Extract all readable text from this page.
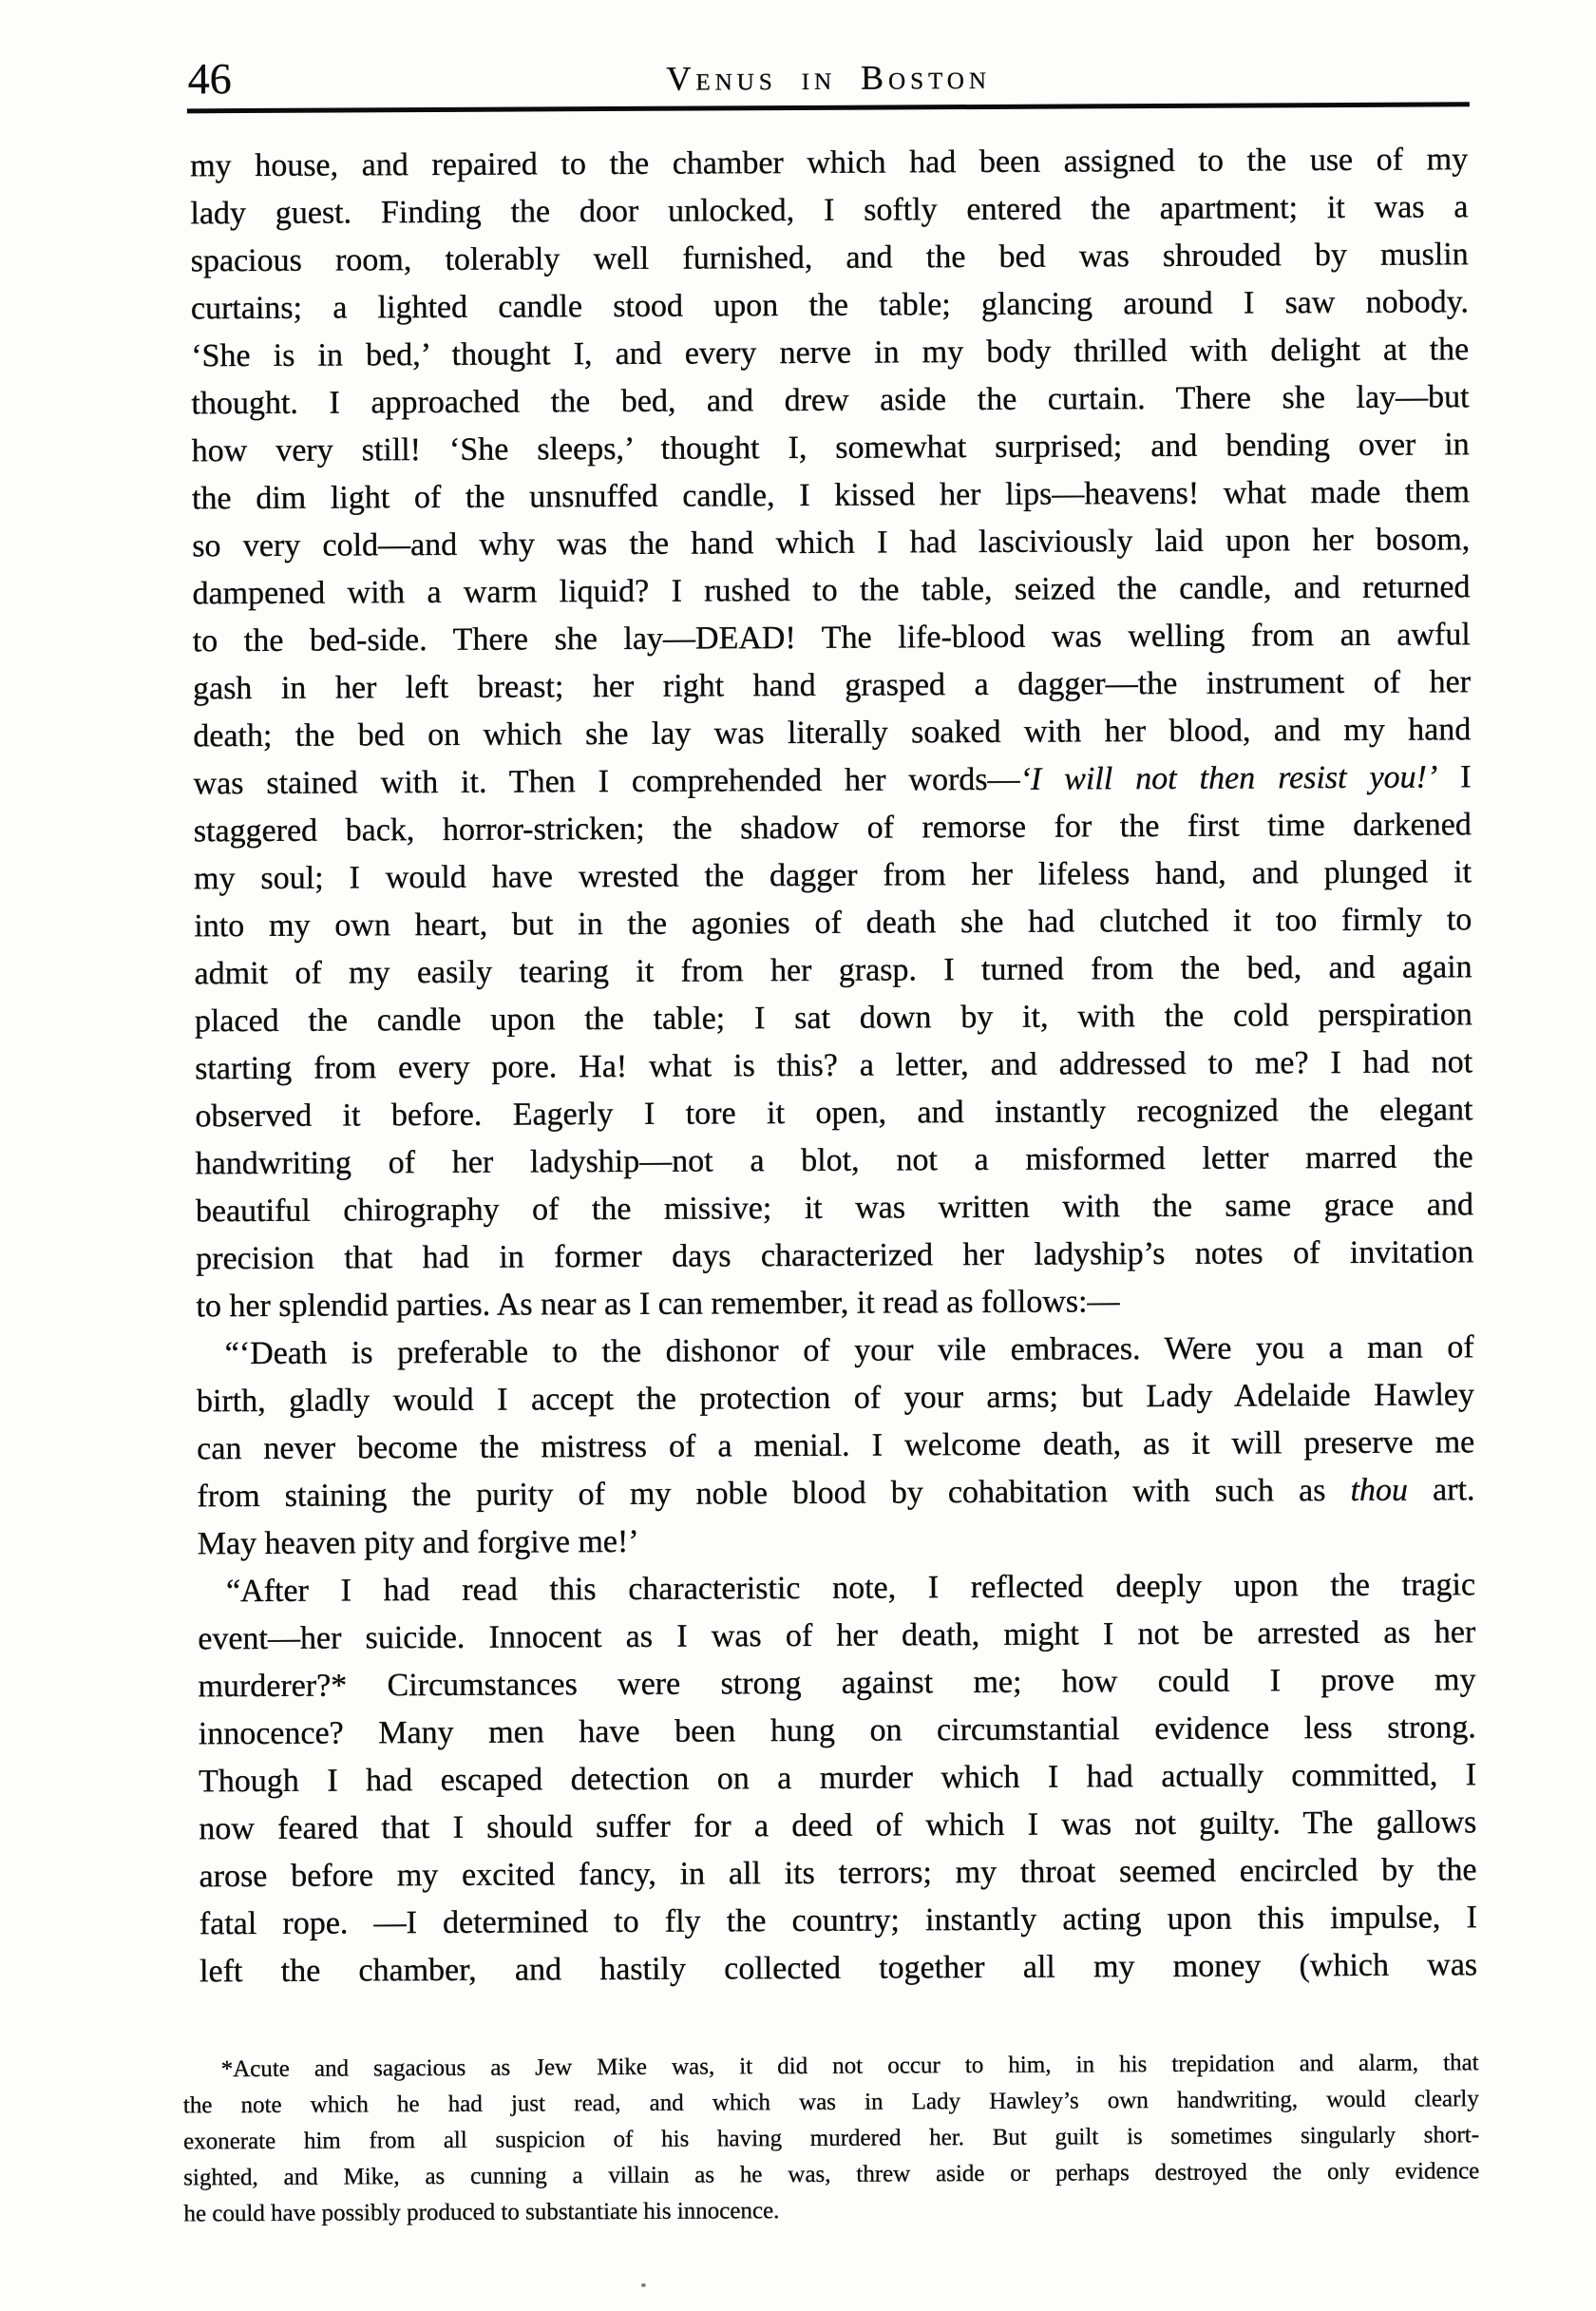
46	Venus in Boston
my house, and repaired to the chamber which had been assigned to the use of my
lady guest. Finding the door unlocked, I softly entered the apartment; it was a
spacious room, tolerably well furnished, and the bed was shrouded by muslin
curtains; a lighted candle stood upon the table; glancing around I saw nobody.
‘She is in bed,’ thought I, and every nerve in my body thrilled with delight at the
thought. I approached the bed, and drew aside the curtain. There she lay—but
how very still! ‘She sleeps,’ thought I, somewhat surprised; and bending over in
the dim light of the unsnuffed candle, I kissed her lips—heavens! what made them
so very cold—and why was the hand which I had lasciviously laid upon her bosom,
dampened with a warm liquid? I rushed to the table, seized the candle, and returned
to the bed-side. There she lay—DEAD! The life-blood was welling from an awful
gash in her left breast; her right hand grasped a dagger—the instrument of her
death; the bed on which she lay was literally soaked with her blood, and my hand
was stained with it. Then I comprehended her words—‘I will not then resist you!’ I
staggered back, horror-stricken; the shadow of remorse for the first time darkened
my soul; I would have wrested the dagger from her lifeless hand, and plunged it
into my own heart, but in the agonies of death she had clutched it too firmly to
admit of my easily tearing it from her grasp. I turned from the bed, and again
placed the candle upon the table; I sat down by it, with the cold perspiration
starting from every pore. Ha! what is this? a letter, and addressed to me? I had not
observed it before. Eagerly I tore it open, and instantly recognized the elegant
handwriting of her ladyship—not a blot, not a misformed letter marred the
beautiful chirography of the missive; it was written with the same grace and
precision that had in former days characterized her ladyship’s notes of invitation
to her splendid parties. As near as I can remember, it read as follows:—
“‘Death is preferable to the dishonor of your vile embraces. Were you a man of
birth, gladly would I accept the protection of your arms; but Lady Adelaide Hawley
can never become the mistress of a menial. I welcome death, as it will preserve me
from staining the purity of my noble blood by cohabitation with such as thou art.
May heaven pity and forgive me!’
“After I had read this characteristic note, I reflected deeply upon the tragic
event—her suicide. Innocent as I was of her death, might I not be arrested as her
murderer?* Circumstances were strong against me; how could I prove my
innocence? Many men have been hung on circumstantial evidence less strong.
Though I had escaped detection on a murder which I had actually committed, I
now feared that I should suffer for a deed of which I was not guilty. The gallows
arose before my excited fancy, in all its terrors; my throat seemed encircled by the
fatal rope. —I determined to fly the country; instantly acting upon this impulse, I
left the chamber, and hastily collected together all my money (which was
*Acute and sagacious as Jew Mike was, it did not occur to him, in his trepidation and alarm, that
the note which he had just read, and which was in Lady Hawley’s own handwriting, would clearly
exonerate him from all suspicion of his having murdered her. But guilt is sometimes singularly short-
sighted, and Mike, as cunning a villain as he was, threw aside or perhaps destroyed the only evidence
he could have possibly produced to substantiate his innocence.
